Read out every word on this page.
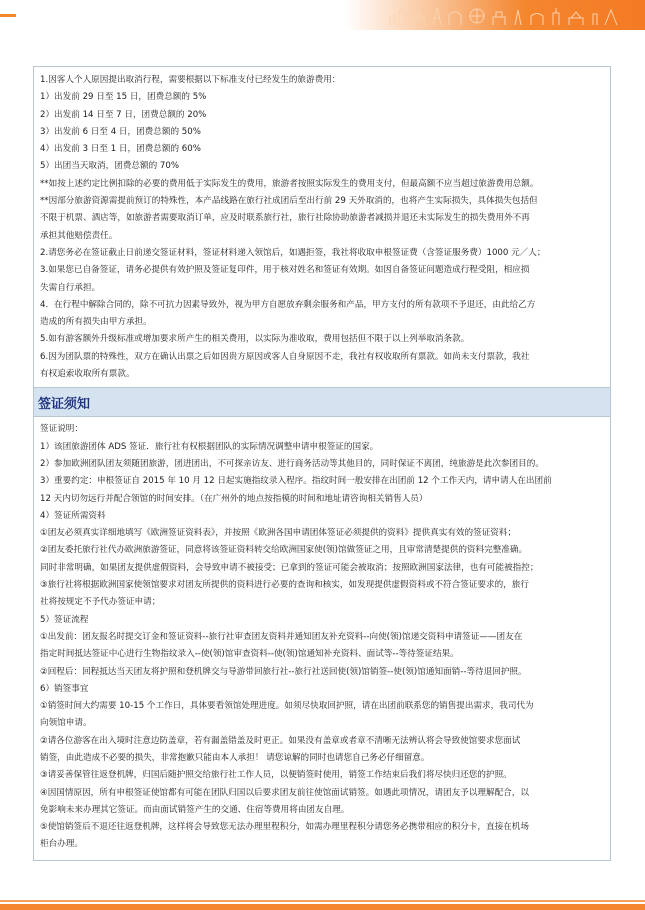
1.因客人个人原因提出取消行程，需要根据以下标准支付已经发生的旅游费用：
1）出发前 29 日至 15 日，团费总额的 5%
2）出发前 14 日至 7 日，团费总额的 20%
3）出发前 6 日至 4 日，团费总额的 50%
4）出发前 3 日至 1 日，团费总额的 60%
5）出团当天取消，团费总额的 70%
**如按上述约定比例扣除的必要的费用低于实际发生的费用，旅游者按照实际发生的费用支付，但最高额不应当超过旅游费用总额。
**因部分旅游资源需提前预订的特殊性，本产品线路在旅行社成团后至出行前 29 天外取消的，也将产生实际损失，具体损失包括但
不限于机票、酒店等，如旅游者需要取消订单，应及时联系旅行社，旅行社除协助旅游者减损并退还未实际发生的损失费用外不再
承担其他赔偿责任。
2.请您务必在签证截止日前递交签证材料，签证材料递入领馆后，如遇拒签，我社将收取申根签证费（含签证服务费）1000 元／人；
3.如果您已自备签证，请务必提供有效护照及签证复印件，用于核对姓名和签证有效期。如因自备签证问题造成行程受阻，相应损
失需自行承担。
4．在行程中解除合同的，除不可抗力因素导致外，视为甲方自愿放弃剩余服务和产品，甲方支付的所有款项不予退还，由此给乙方
造成的所有损失由甲方承担。
5.如有游客额外升级标准或增加要求所产生的相关费用，以实际为准收取，费用包括但不限于以上列举取消条款。
6.因为团队票的特殊性，双方在确认出票之后如因贵方原因或客人自身原因不走，我社有权收取所有票款。如尚未支付票款，我社
有权追索收取所有票款。
签证须知
签证说明：
1）该团旅游团体 ADS 签证．旅行社有权根据团队的实际情况调整申请申根签证的国家。
2）参加欧洲团队团友须随团旅游，团进团出，不可探亲访友、进行商务活动等其他目的，同时保证不离团，纯旅游是此次参团目的。
3）重要约定：申根签证自 2015 年 10 月 12 日起实施指纹录入程序。指纹时间一般安排在出团前 12 个工作天内，请申请人在出团前
12 天内切勿远行并配合领馆的时间安排。（在广州外的地点按指模的时间和地址请咨询相关销售人员）
4）签证所需资料
①团友必须真实详细地填写《欧洲签证资料表》，并按照《欧洲各国申请团体签证必须提供的资料》提供真实有效的签证资料；
②团友委托旅行社代办欧洲旅游签证，同意将该签证资料转交给欧洲国家使(领)馆做签证之用，且审常清楚提供的资料完整准确。
同时非常明确，如果团友提供虚假资料，会导致申请不被接受；已拿到的签证可能会被取消；按照欧洲国家法律，也有可能被指控；
③旅行社将根据欧洲国家使领馆要求对团友所提供的资料进行必要的查询和核实，如发现提供虚假资料或不符合签证要求的，旅行
社将按规定不予代办签证申请；
5）签证流程
①出发前：团友报名时提交订金和签证资料--旅行社审查团友资料并通知团友补充资料--向使(领)馆递交资料申请签证——团友在
指定时间抵达签证中心进行生物指纹录入--使(领)馆审查资料--使(领)馆通知补充资料、面试等--等待签证结果。
②回程后：回程抵达当天团友将护照和登机牌交与导游带回旅行社--旅行社送回使(领)馆销签--使(领)馆通知面销--等待退回护照。
6）销签事宜
①销签时间大约需要 10-15 个工作日，具体要看领馆处理进度。如须尽快取回护照，请在出团前联系您的销售提出需求，我司代为
向领馆申请。
②请各位游客在出入境时注意边防盖章，若有漏盖错盖及时更正。如果没有盖章或者章不清晰无法辨认将会导致使馆要求您面试
销签，由此造成不必要的损失，非常抱歉只能由本人承担！ 请您谅解的同时也请您自己务必仔细留意。
③请妥善保管往返登机牌，归国后随护照交给旅行社工作人员，以便销签时使用，销签工作结束后我们将尽快归还您的护照。
④因国情原因，所有申根签证使馆都有可能在团队归国以后要求团友前往使馆面试销签。如遇此项情况，请团友予以理解配合，以
免影响未来办理其它签证。而由面试销签产生的交通、住宿等费用将由团友自理。
⑤使馆销签后不退还往返登机牌，这样将会导致您无法办理里程积分，如需办理里程积分请您务必携带相应的积分卡，直接在机场
柜台办理。
